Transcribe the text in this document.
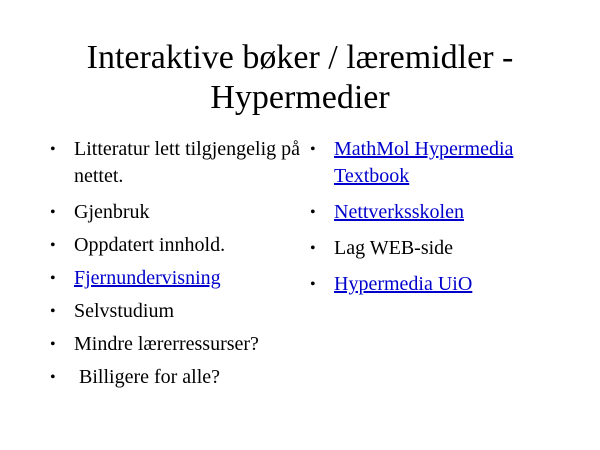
Interaktive bøker / læremidler -
Hypermedier
• Litteratur lett tilgjengelig på nettet.
• Gjenbruk
• Oppdatert innhold.
• Fjernundervisning
• Selvstudium
• Mindre lærerressurser?
• Billigere for alle?
• MathMol Hypermedia Textbook
• Nettverksskolen
• Lag WEB-side
• Hypermedia UiO
